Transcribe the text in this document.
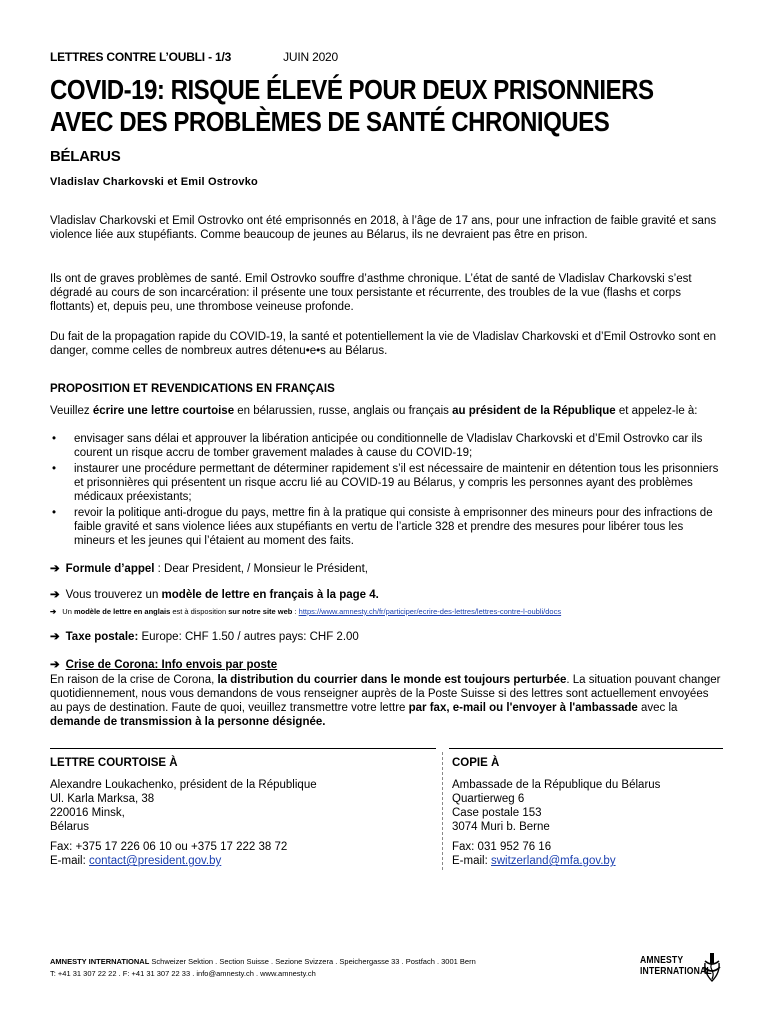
LETTRES CONTRE L’OUBLI - 1/3	JUIN 2020
COVID-19: RISQUE ÉLEVÉ POUR DEUX PRISONNIERS
AVEC DES PROBLÈMES DE SANTÉ CHRONIQUES
BÉLARUS
Vladislav Charkovski et Emil Ostrovko
Vladislav Charkovski et Emil Ostrovko ont été emprisonnés en 2018, à l’âge de 17 ans, pour une infraction de faible gravité et sans violence liée aux stupéfiants. Comme beaucoup de jeunes au Bélarus, ils ne devraient pas être en prison.
Ils ont de graves problèmes de santé. Emil Ostrovko souffre d’asthme chronique. L’état de santé de Vladislav Charkovski s’est dégradé au cours de son incarcération: il présente une toux persistante et récurrente, des troubles de la vue (flashs et corps flottants) et, depuis peu, une thrombose veineuse profonde.
Du fait de la propagation rapide du COVID-19, la santé et potentiellement la vie de Vladislav Charkovski et d’Emil Ostrovko sont en danger, comme celles de nombreux autres détenu•e•s au Bélarus.
PROPOSITION ET REVENDICATIONS EN FRANÇAIS
Veuillez écrire une lettre courtoise en bélarussien, russe, anglais ou français au président de la République et appelez-le à:
• envisager sans délai et approuver la libération anticipée ou conditionnelle de Vladislav Charkovski et d’Emil Ostrovko car ils courent un risque accru de tomber gravement malades à cause du COVID-19;
• instaurer une procédure permettant de déterminer rapidement s’il est nécessaire de maintenir en détention tous les prisonniers et prisonnières qui présentent un risque accru lié au COVID-19 au Bélarus, y compris les personnes ayant des problèmes médicaux préexistants;
• revoir la politique anti-drogue du pays, mettre fin à la pratique qui consiste à emprisonner des mineurs pour des infractions de faible gravité et sans violence liées aux stupéfiants en vertu de l’article 328 et prendre des mesures pour libérer tous les mineurs et les jeunes qui l’étaient au moment des faits.
➔ Formule d’appel : Dear President, / Monsieur le Président,
➔ Vous trouverez un modèle de lettre en français à la page 4.
➔ Un modèle de lettre en anglais est à disposition sur notre site web : https://www.amnesty.ch/fr/participer/ecrire-des-lettres/lettres-contre-l-oubli/docs
➔ Taxe postale: Europe: CHF 1.50 / autres pays: CHF 2.00
➔ Crise de Corona: Info envois par poste
En raison de la crise de Corona, la distribution du courrier dans le monde est toujours perturbée. La situation pouvant changer quotidiennement, nous vous demandons de vous renseigner auprès de la Poste Suisse si des lettres sont actuellement envoyées au pays de destination. Faute de quoi, veuillez transmettre votre lettre par fax, e-mail ou l'envoyer à l'ambassade avec la demande de transmission à la personne désignée.
LETTRE COURTOISE À
Alexandre Loukachenko, président de la République
Ul. Karla Marksa, 38
220016 Minsk,
Bélarus
Fax: +375 17 226 06 10 ou +375 17 222 38 72
E-mail: contact@president.gov.by
COPIE À
Ambassade de la République du Bélarus
Quartierweg 6
Case postale 153
3074 Muri b. Berne
Fax: 031 952 76 16
E-mail: switzerland@mfa.gov.by
AMNESTY INTERNATIONAL Schweizer Sektion . Section Suisse . Sezione Svizzera . Speichergasse 33 . Postfach . 3001 Bern
T: +41 31 307 22 22 . F: +41 31 307 22 33 . info@amnesty.ch . www.amnesty.ch
AMNESTY
INTERNATIONAL
